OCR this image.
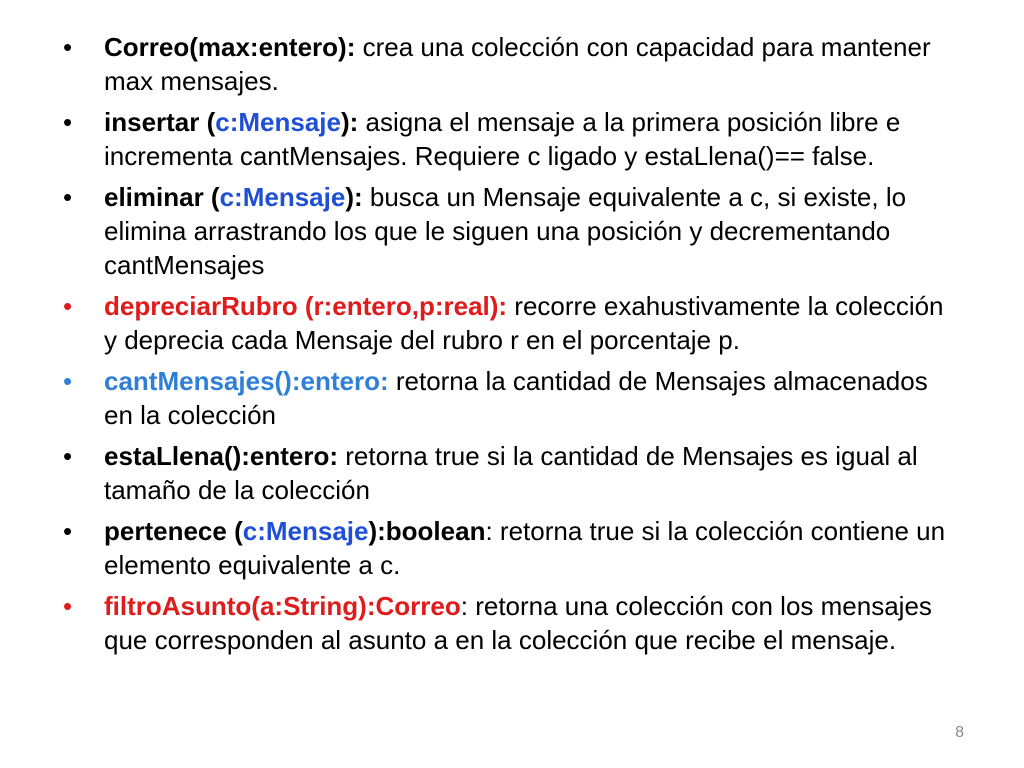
• Correo(max:entero): crea una colección con capacidad para mantener max mensajes.
• insertar (c:Mensaje): asigna el mensaje a la primera posición libre e incrementa cantMensajes. Requiere c ligado y estaLlena()== false.
• eliminar (c:Mensaje): busca un Mensaje equivalente a c, si existe, lo elimina arrastrando los que le siguen una posición y decrementando cantMensajes
• depreciarRubro (r:entero,p:real): recorre exahustivamente la colección y deprecia cada Mensaje del rubro r en el porcentaje p.
• cantMensajes():entero: retorna la cantidad de Mensajes almacenados en la colección
• estaLlena():entero: retorna true si la cantidad de Mensajes es igual al tamaño de la colección
• pertenece (c:Mensaje):boolean: retorna true si la colección contiene un elemento equivalente a c.
• filtroAsunto(a:String):Correo: retorna una colección con los mensajes que corresponden al asunto a en la colección que recibe el mensaje.
8
